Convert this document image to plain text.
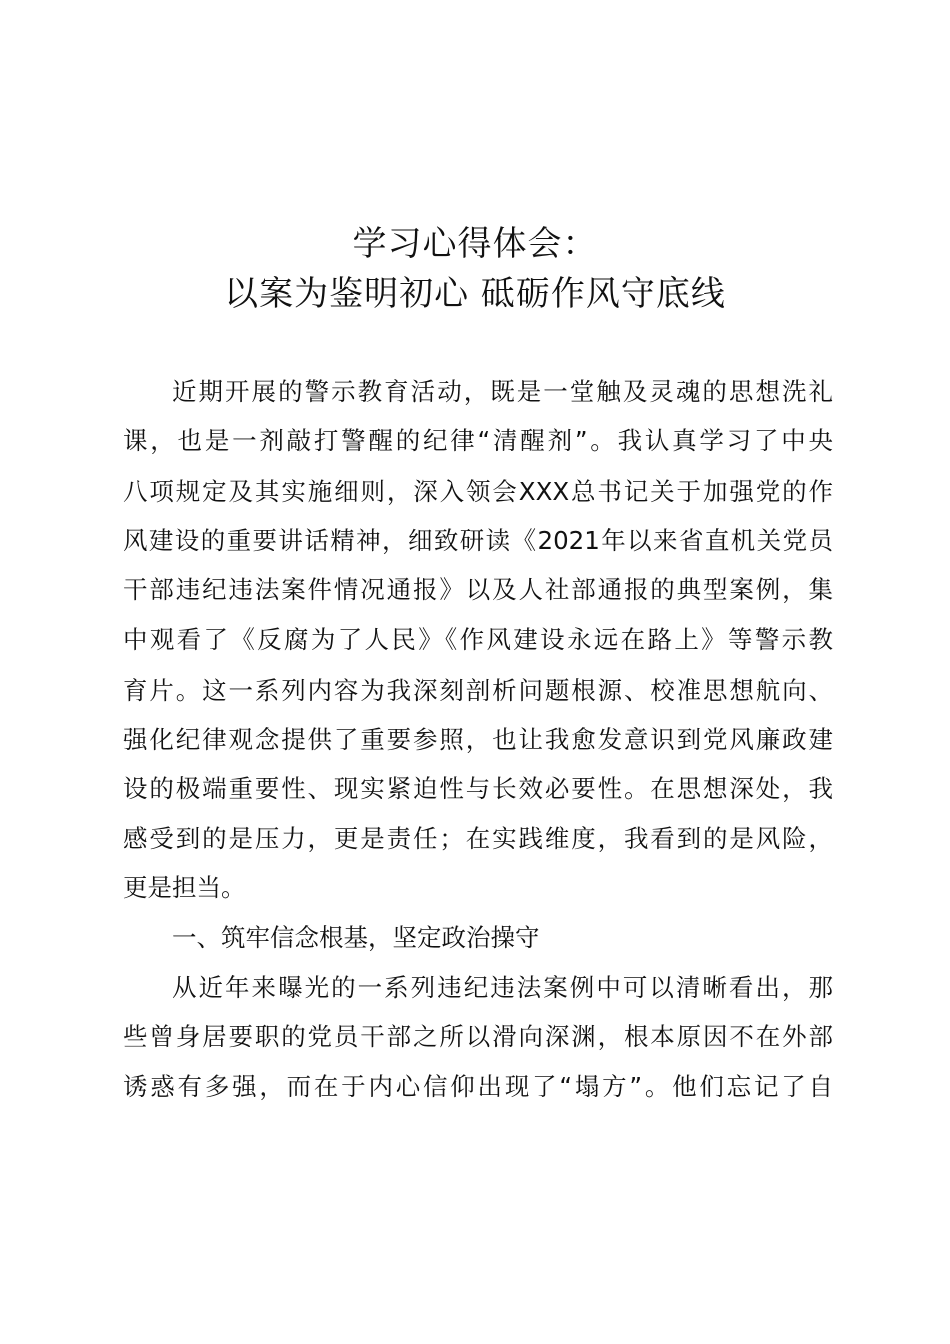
学习心得体会：
以案为鉴明初心 砥砺作风守底线
近期开展的警示教育活动，既是一堂触及灵魂的思想洗礼
课，也是一剂敲打警醒的纪律“清醒剂”。我认真学习了中央
八项规定及其实施细则，深入领会XXX总书记关于加强党的作
风建设的重要讲话精神，细致研读《2021年以来省直机关党员
干部违纪违法案件情况通报》以及人社部通报的典型案例，集
中观看了《反腐为了人民》《作风建设永远在路上》等警示教
育片。这一系列内容为我深刻剖析问题根源、校准思想航向、
强化纪律观念提供了重要参照，也让我愈发意识到党风廉政建
设的极端重要性、现实紧迫性与长效必要性。在思想深处，我
感受到的是压力，更是责任；在实践维度，我看到的是风险，
更是担当。
一、筑牢信念根基，坚定政治操守
从近年来曝光的一系列违纪违法案例中可以清晰看出，那
些曾身居要职的党员干部之所以滑向深渊，根本原因不在外部
诱惑有多强，而在于内心信仰出现了“塌方”。他们忘记了自
